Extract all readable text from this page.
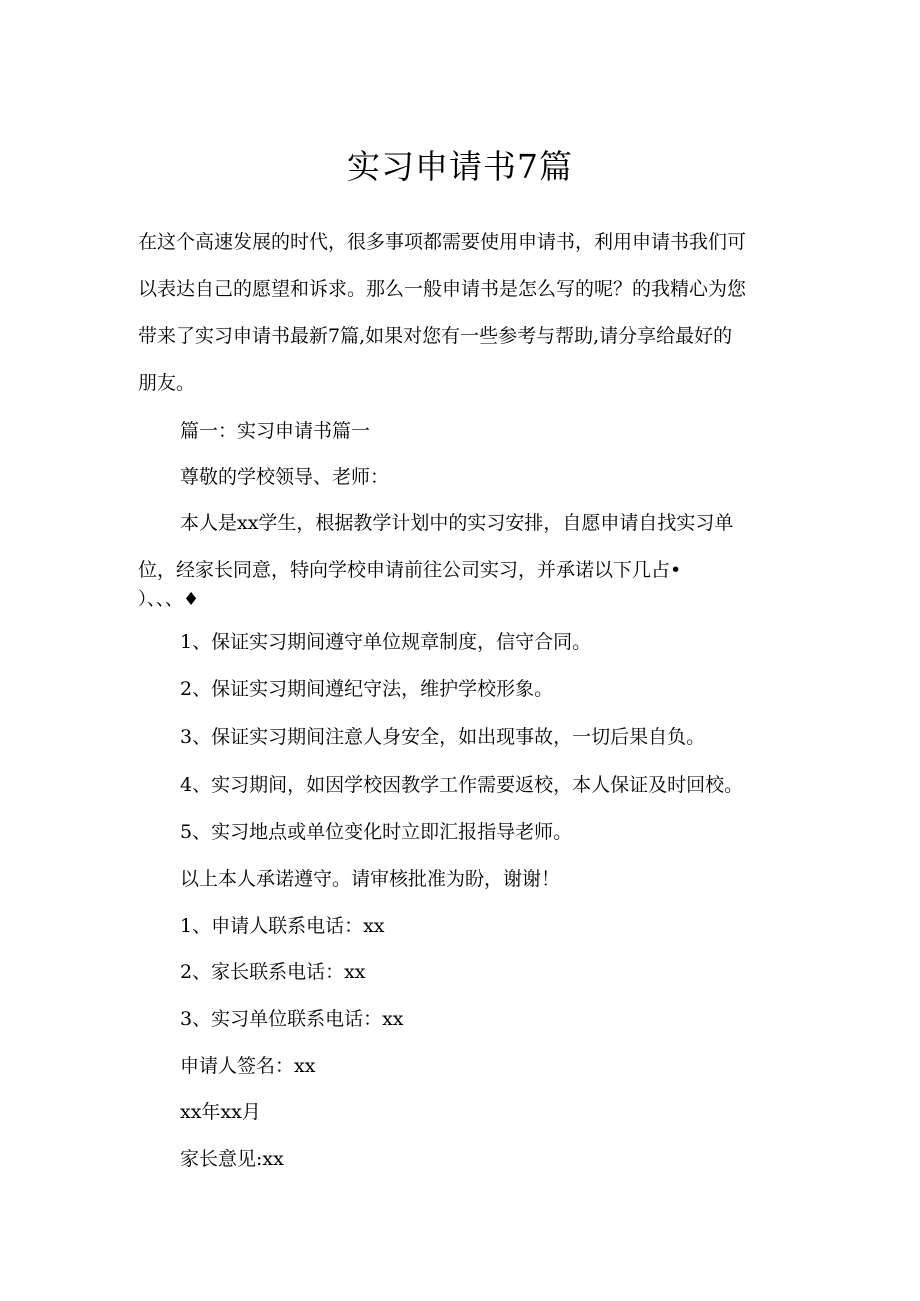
实习申请书7篇
在这个高速发展的时代，很多事项都需要使用申请书，利用申请书我们可
以表达自己的愿望和诉求。那么一般申请书是怎么写的呢？的我精心为您
带来了实习申请书最新7篇,如果对您有一些参考与帮助,请分享给最好的
朋友。
篇一：实习申请书篇一
尊敬的学校领导、老师：
本人是xx学生，根据教学计划中的实习安排，自愿申请自找实习单
位，经家长同意，特向学校申请前往公司实习，并承诺以下几占•
）、、、♦
1、保证实习期间遵守单位规章制度，信守合同。
2、保证实习期间遵纪守法，维护学校形象。
3、保证实习期间注意人身安全，如出现事故，一切后果自负。
4、实习期间，如因学校因教学工作需要返校，本人保证及时回校。
5、实习地点或单位变化时立即汇报指导老师。
以上本人承诺遵守。请审核批准为盼，谢谢！
1、申请人联系电话：xx
2、家长联系电话：xx
3、实习单位联系电话：xx
申请人签名：xx
xx年xx月
家长意见:xx
